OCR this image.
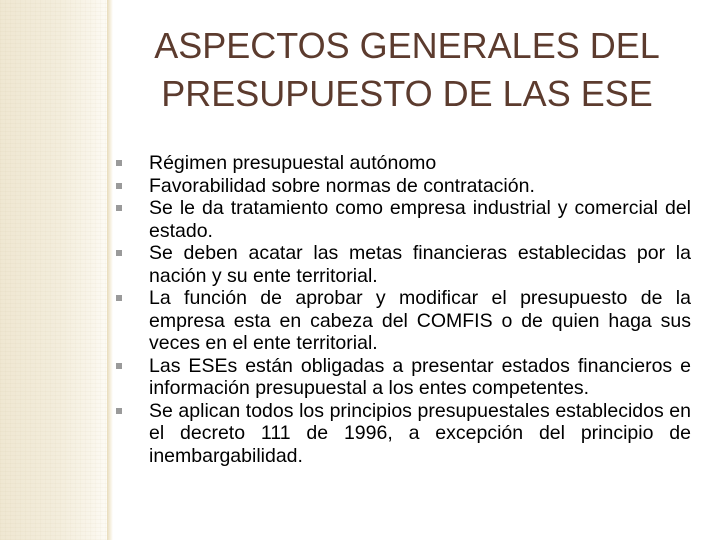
ASPECTOS GENERALES DEL
PRESUPUESTO DE LAS ESE
Régimen presupuestal autónomo
Favorabilidad sobre normas de contratación.
Se le da tratamiento como empresa industrial y comercial del estado.
Se deben acatar las metas financieras establecidas por la nación y su ente territorial.
La función de aprobar y modificar el presupuesto de la empresa esta en cabeza del COMFIS o de quien haga sus veces en el ente territorial.
Las ESEs están obligadas a presentar estados financieros e información presupuestal a los entes competentes.
Se aplican todos los principios presupuestales establecidos en el decreto 111 de 1996, a excepción del principio de inembargabilidad.
